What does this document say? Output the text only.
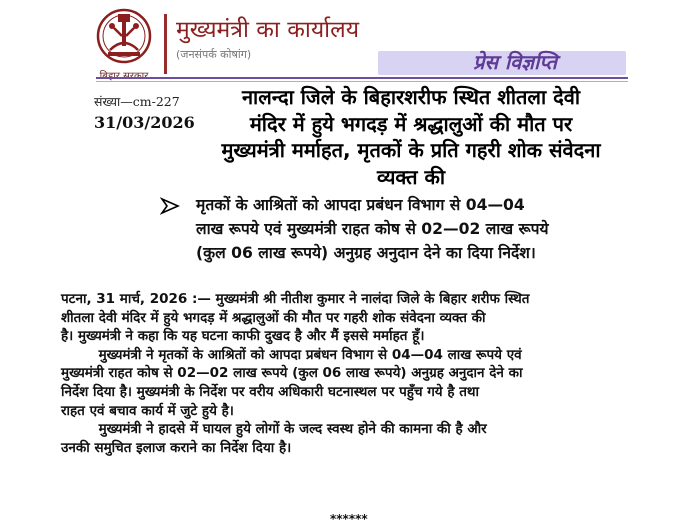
मुख्यमंत्री का कार्यालय
(जनसंपर्क कोषांग)	प्रेस विज्ञप्ति
संख्या—cm-227
31/03/2026
नालन्दा जिले के बिहारशरीफ स्थित शीतला देवी
मंदिर में हुये भगदड़ में श्रद्धालुओं की मौत पर
मुख्यमंत्री मर्माहत, मृतकों के प्रति गहरी शोक संवेदना
व्यक्त की
मृतकों के आश्रितों को आपदा प्रबंधन विभाग से 04—04
लाख रूपये एवं मुख्यमंत्री राहत कोष से 02—02 लाख रूपये
(कुल 06 लाख रूपये) अनुग्रह अनुदान देने का दिया निर्देश।
पटना, 31 मार्च, 2026 :— मुख्यमंत्री श्री नीतीश कुमार ने नालंदा जिले के बिहार शरीफ स्थित
शीतला देवी मंदिर में हुये भगदड़ में श्रद्धालुओं की मौत पर गहरी शोक संवेदना व्यक्त की
है। मुख्यमंत्री ने कहा कि यह घटना काफी दुखद है और मैं इससे मर्माहत हूँ।
मुख्यमंत्री ने मृतकों के आश्रितों को आपदा प्रबंधन विभाग से 04—04 लाख रूपये एवं
मुख्यमंत्री राहत कोष से 02—02 लाख रूपये (कुल 06 लाख रूपये) अनुग्रह अनुदान देने का
निर्देश दिया है। मुख्यमंत्री के निर्देश पर वरीय अधिकारी घटनास्थल पर पहुँच गये है तथा
राहत एवं बचाव कार्य में जुटे हुये है।
मुख्यमंत्री ने हादसे में घायल हुये लोगों के जल्द स्वस्थ होने की कामना की है और
उनकी समुचित इलाज कराने का निर्देश दिया है।
******
